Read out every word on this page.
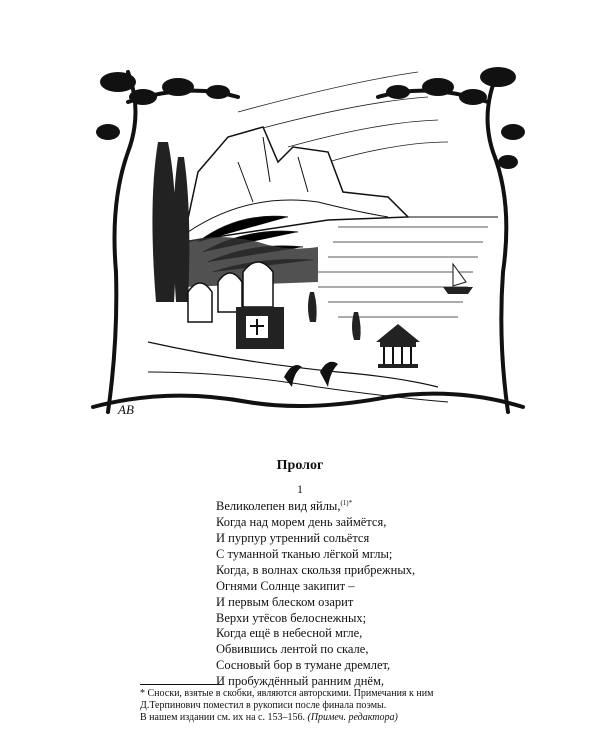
АВ
Пролог
1
Великолепен вид яйлы,$^{(1)*}$
Когда над морем день займётся,
И пурпур утренний сольётся
С туманной тканью лёгкой мглы;
Когда, в волнах скользя прибрежных,
Огнями Солнце закипит –
И первым блеском озарит
Верхи утёсов белоснежных;
Когда ещё в небесной мгле,
Обвившись лентой по скале,
Сосновый бор в тумане дремлет,
И пробуждённый ранним днём,
* Сноски, взятые в скобки, являются авторскими. Примечания к ним
Д.Терпинович поместил в рукописи после финала поэмы.
В нашем издании см. их на с. 153–156. (Примеч. редактора)
